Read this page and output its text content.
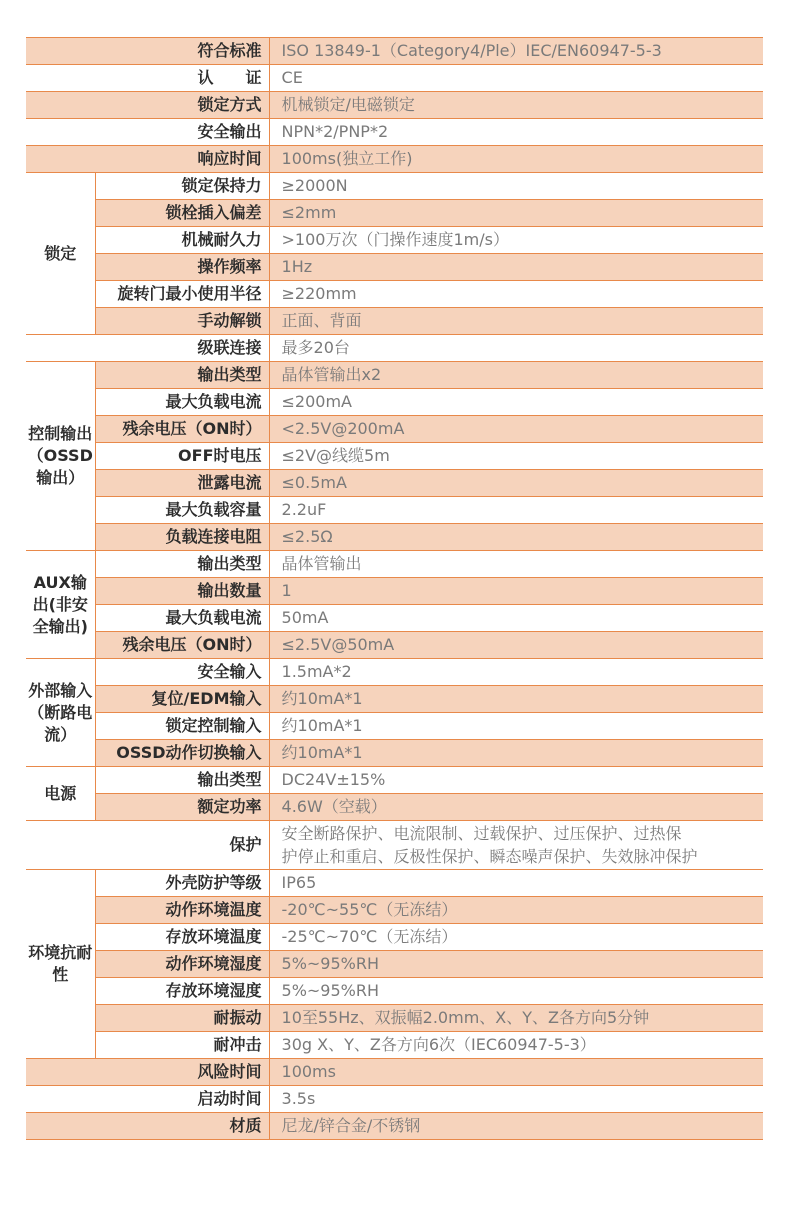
符合标准		ISO 13849-1（Category4/Ple）IEC/EN60947-5-3
认　　证		CE
锁定方式		机械锁定/电磁锁定
安全输出		NPN*2/PNP*2
响应时间		100ms(独立工作)
锁定	锁定保持力	≥2000N
	锁栓插入偏差	≤2mm
	机械耐久力	>100万次（门操作速度1m/s）
	操作频率	1Hz
	旋转门最小使用半径	≥220mm
	手动解锁	正面、背面
级联连接		最多20台
控制输出（OSSD输出）	输出类型	晶体管输出x2
	最大负载电流	≤200mA
	残余电压（ON时）	<2.5V@200mA
	OFF时电压	≤2V@线缆5m
	泄露电流	≤0.5mA
	最大负载容量	2.2uF
	负载连接电阻	≤2.5Ω
AUX输出(非安全输出)	输出类型	晶体管输出
	输出数量	1
	最大负载电流	50mA
	残余电压（ON时）	≤2.5V@50mA
外部输入（断路电流）	安全输入	1.5mA*2
	复位/EDM输入	约10mA*1
	锁定控制输入	约10mA*1
	OSSD动作切换输入	约10mA*1
电源	输出类型	DC24V±15%
	额定功率	4.6W（空载）
保护		安全断路保护、电流限制、过载保护、过压保护、过热保
护停止和重启、反极性保护、瞬态噪声保护、失效脉冲保护

环境抗耐性	外壳防护等级	IP65
	动作环境温度	-20℃~55℃（无冻结）
	存放环境温度	-25℃~70℃（无冻结）
	动作环境湿度	5%~95%RH
	存放环境湿度	5%~95%RH
	耐振动	10至55Hz、双振幅2.0mm、X、Y、Z各方向5分钟
	耐冲击	30g X、Y、Z各方向6次（IEC60947-5-3）
风险时间		100ms
启动时间		3.5s
材质		尼龙/锌合金/不锈钢
